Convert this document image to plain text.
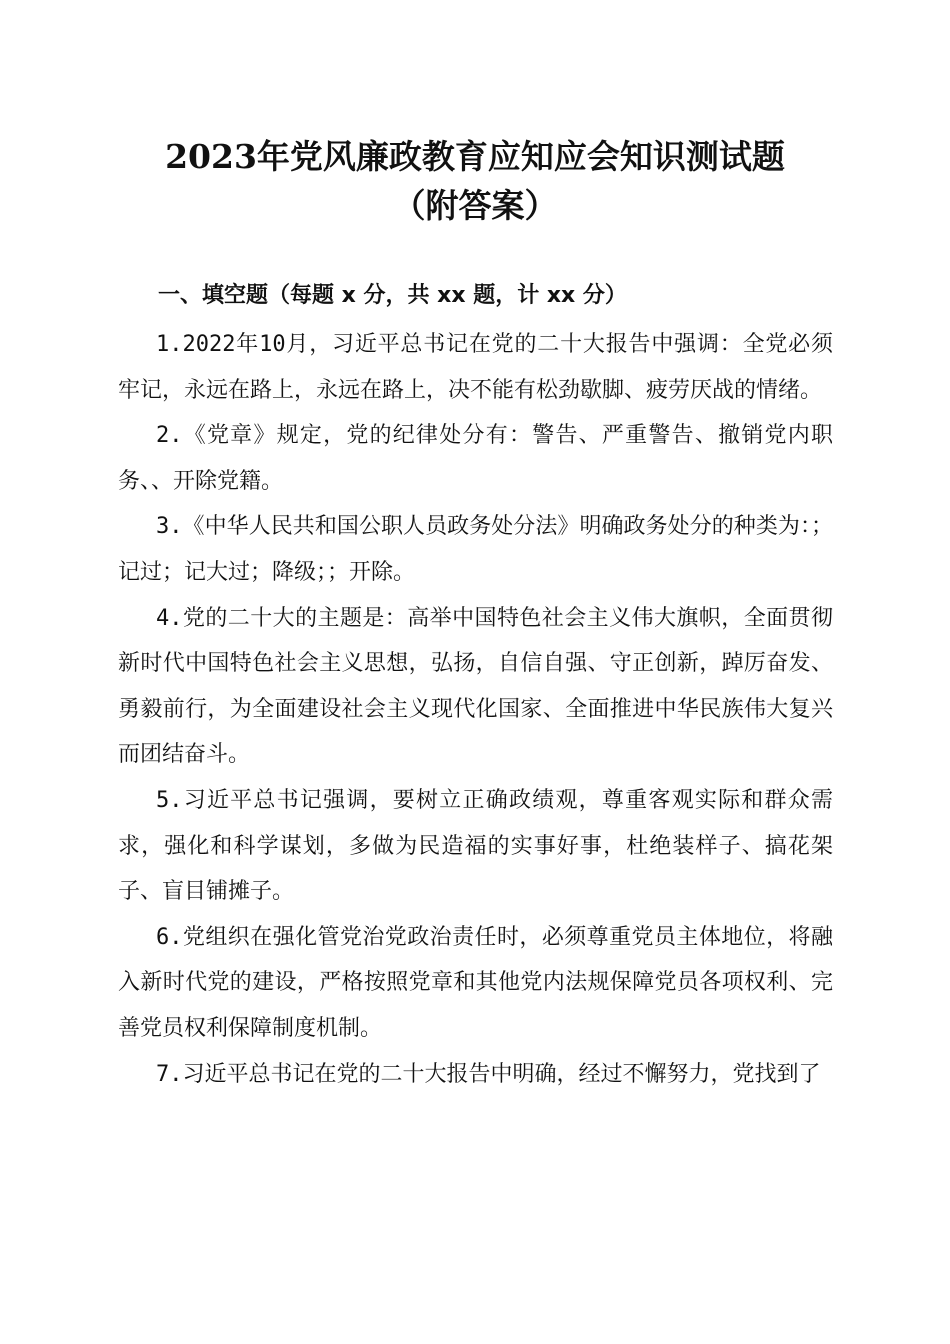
2023年党风廉政教育应知应会知识测试题
（附答案）
一、填空题（每题 x 分，共 xx 题，计 xx 分）

1.2022年10月，习近平总书记在党的二十大报告中强调：全党必须牢记，永远在路上，永远在路上，决不能有松劲歇脚、疲劳厌战的情绪。

2.《党章》规定，党的纪律处分有：警告、严重警告、撤销党内职务、、开除党籍。

3.《中华人民共和国公职人员政务处分法》明确政务处分的种类为：；记过；记大过；降级；；开除。

4.党的二十大的主题是：高举中国特色社会主义伟大旗帜，全面贯彻新时代中国特色社会主义思想，弘扬，自信自强、守正创新，踔厉奋发、勇毅前行，为全面建设社会主义现代化国家、全面推进中华民族伟大复兴而团结奋斗。

5.习近平总书记强调，要树立正确政绩观，尊重客观实际和群众需求，强化和科学谋划，多做为民造福的实事好事，杜绝装样子、搞花架子、盲目铺摊子。

6.党组织在强化管党治党政治责任时，必须尊重党员主体地位，将融入新时代党的建设，严格按照党章和其他党内法规保障党员各项权利、完善党员权利保障制度机制。

7.习近平总书记在党的二十大报告中明确，经过不懈努力，党找到了
